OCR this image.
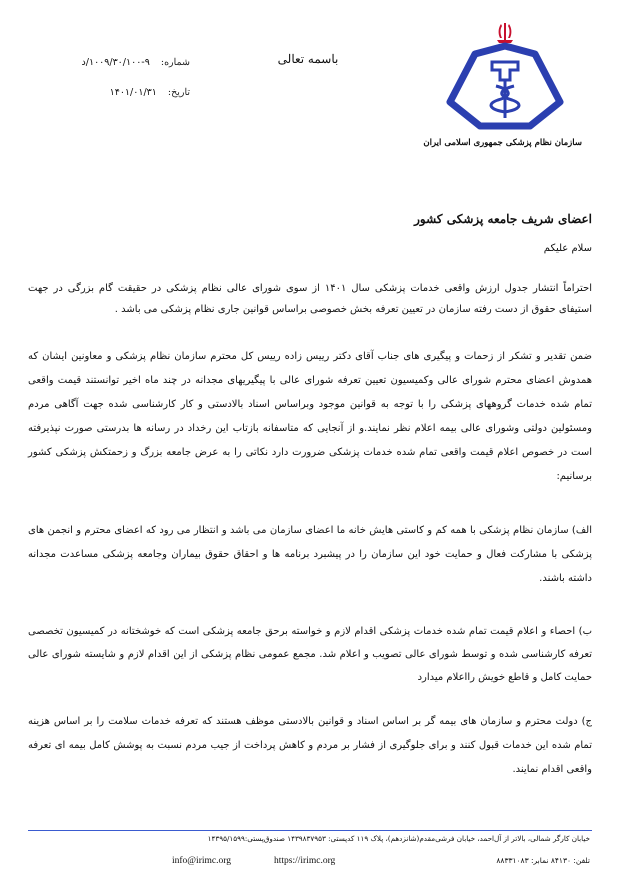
سازمان نظام پزشکی جمهوری اسلامی ایران
باسمه تعالی
شماره: ۹-۱۰۰۹/۳۰/۱۰۰/د
تاریخ: ۱۴۰۱/۰۱/۳۱
اعضای شریف جامعه پزشکی کشور
سلام علیکم
احتراماً انتشار جدول ارزش واقعی خدمات پزشکی سال ۱۴۰۱ از سوی شورای عالی نظام پزشکی در حقیقت گام بزرگی در جهت استیفای حقوق از دست رفته سازمان در تعیین تعرفه بخش خصوصی براساس قوانین جاری نظام پزشکی می باشد .
ضمن تقدیر و تشکر از زحمات و پیگیری های جناب آقای دکتر رییس زاده رییس کل محترم سازمان نظام پزشکی و معاونین ایشان که همدوش اعضای محترم شورای عالی وکمیسیون تعیین تعرفه شورای عالی با پیگیریهای مجدانه در چند ماه اخیر توانستند قیمت واقعی تمام شده خدمات گروههای پزشکی را با توجه به قوانین موجود وبراساس اسناد بالادستی و کار کارشناسی شده جهت آگاهی مردم ومسئولین دولتی وشورای عالی بیمه اعلام نظر نمایند.و از آنجایی که متاسفانه بازتاب این رخداد در رسانه ها بدرستی صورت نپذیرفته است در خصوص اعلام قیمت واقعی تمام شده خدمات پزشکی ضرورت دارد نکاتی را به عرض جامعه بزرگ و زحمتکش پزشکی کشور برسانیم:
الف) سازمان نظام پزشکی با همه کم و کاستی هایش خانه ما اعضای سازمان می باشد و انتظار می رود که اعضای محترم و انجمن های پزشکی با مشارکت فعال و حمایت خود این سازمان را در پیشبرد برنامه ها و احقاق حقوق بیماران وجامعه پزشکی مساعدت مجدانه داشته باشند.
ب) احصاء و اعلام قیمت تمام شده خدمات پزشکی اقدام لازم و خواسته برحق جامعه پزشکی است که خوشختانه در کمیسیون تخصصی تعرفه کارشناسی شده و توسط شورای عالی تصویب و اعلام شد. مجمع عمومی نظام پزشکی از این اقدام لازم و شایسته شورای عالی حمایت کامل و قاطع خویش رااعلام میدارد
ج) دولت محترم و سازمان های بیمه گر بر اساس اسناد و قوانین بالادستی موظف هستند که تعرفه خدمات سلامت را بر اساس هزینه تمام شده این خدمات قبول کنند و برای جلوگیری از فشار بر مردم و کاهش پرداخت از جیب مردم نسبت به پوشش کامل بیمه ای تعرفه واقعی اقدام نمایند.
خیابان کارگر شمالی، بالاتر از آل‌احمد، خیابان فرشی‌مقدم(شانزدهم)، پلاک ۱۱۹ کدپستی: ۱۴۳۹۸۳۷۹۵۳ صندوق‌پستی:۱۴۳۹۵/۱۵۹۹
info@irimc.org	https://irimc.org	تلفن: ۸۴۱۳۰ نمابر: ۸۸۳۳۱۰۸۳
